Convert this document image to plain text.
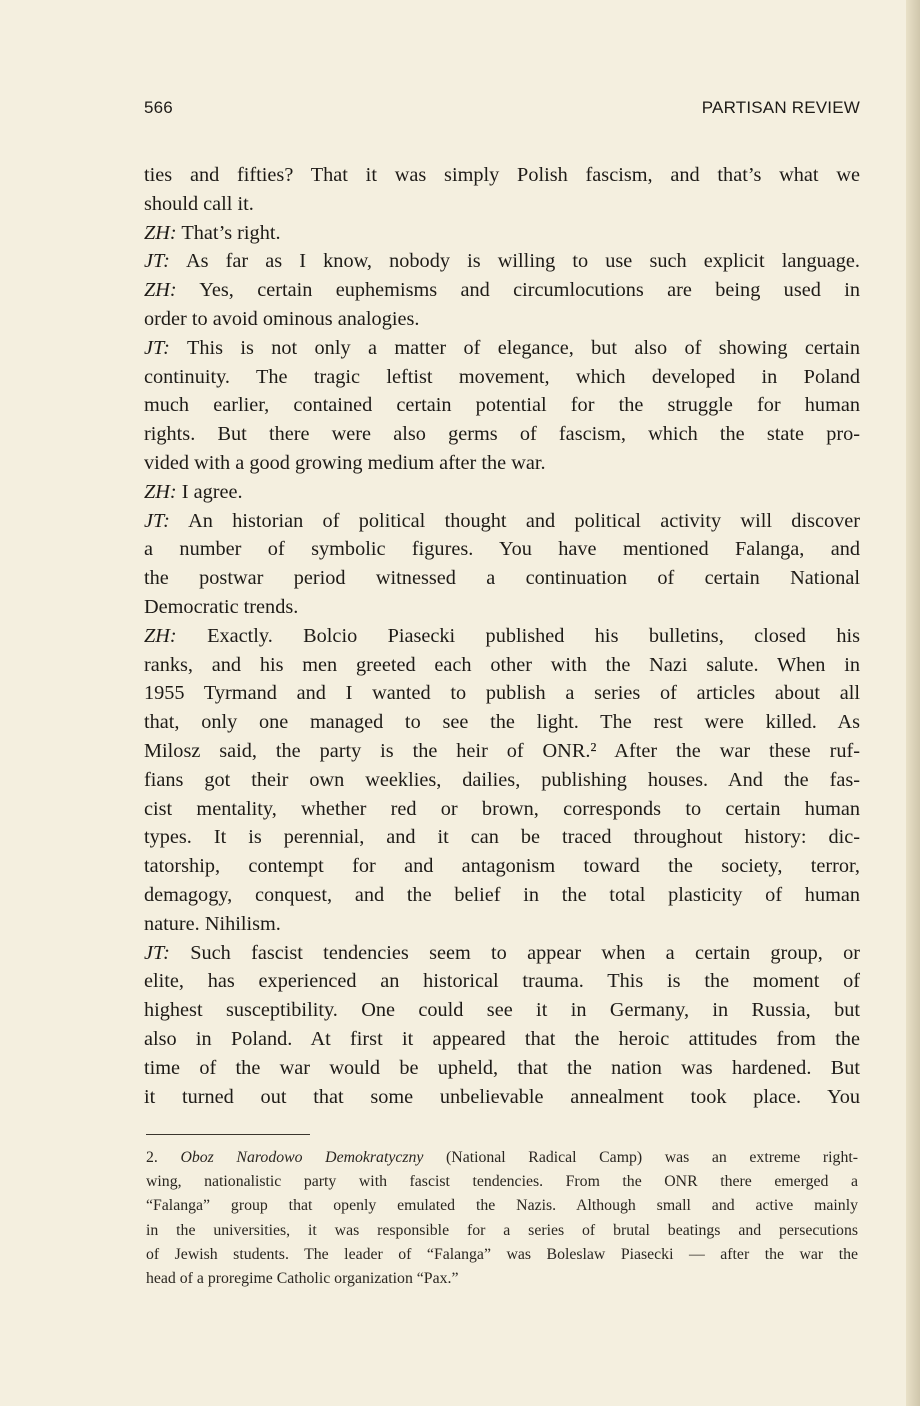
566	PARTISAN REVIEW
ties and fifties? That it was simply Polish fascism, and that’s what we
should call it.
ZH: That’s right.
JT: As far as I know, nobody is willing to use such explicit language.
ZH: Yes, certain euphemisms and circumlocutions are being used in
order to avoid ominous analogies.
JT: This is not only a matter of elegance, but also of showing certain
continuity. The tragic leftist movement, which developed in Poland
much earlier, contained certain potential for the struggle for human
rights. But there were also germs of fascism, which the state pro-
vided with a good growing medium after the war.
ZH: I agree.
JT: An historian of political thought and political activity will discover
a number of symbolic figures. You have mentioned Falanga, and
the postwar period witnessed a continuation of certain National
Democratic trends.
ZH: Exactly. Bolcio Piasecki published his bulletins, closed his
ranks, and his men greeted each other with the Nazi salute. When in
1955 Tyrmand and I wanted to publish a series of articles about all
that, only one managed to see the light. The rest were killed. As
Milosz said, the party is the heir of ONR.² After the war these ruf-
fians got their own weeklies, dailies, publishing houses. And the fas-
cist mentality, whether red or brown, corresponds to certain human
types. It is perennial, and it can be traced throughout history: dic-
tatorship, contempt for and antagonism toward the society, terror,
demagogy, conquest, and the belief in the total plasticity of human
nature. Nihilism.
JT: Such fascist tendencies seem to appear when a certain group, or
elite, has experienced an historical trauma. This is the moment of
highest susceptibility. One could see it in Germany, in Russia, but
also in Poland. At first it appeared that the heroic attitudes from the
time of the war would be upheld, that the nation was hardened. But
it turned out that some unbelievable annealment took place. You
2. Oboz Narodowo Demokratyczny (National Radical Camp) was an extreme right-
wing, nationalistic party with fascist tendencies. From the ONR there emerged a
“Falanga” group that openly emulated the Nazis. Although small and active mainly
in the universities, it was responsible for a series of brutal beatings and persecutions
of Jewish students. The leader of “Falanga” was Boleslaw Piasecki — after the war the
head of a proregime Catholic organization “Pax.”
